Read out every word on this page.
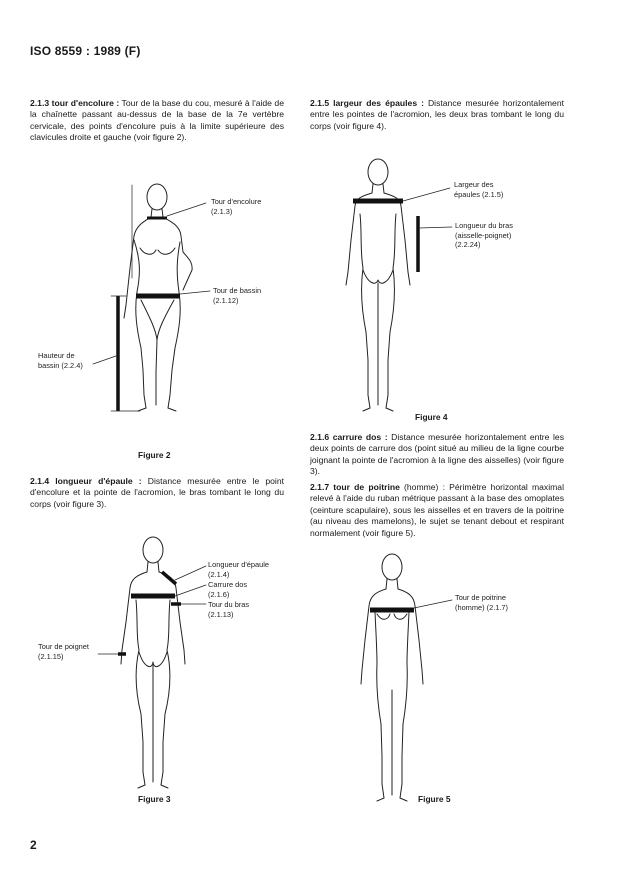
ISO 8559 : 1989 (F)
2.1.3 tour d'encolure : Tour de la base du cou, mesuré à l'aide de la chaînette passant au-dessus de la base de la 7e vertèbre cervicale, des points d'encolure puis à la limite supérieure des clavicules droite et gauche (voir figure 2).
2.1.5 largeur des épaules : Distance mesurée horizontalement entre les pointes de l'acromion, les deux bras tombant le long du corps (voir figure 4).
Tour d'encolure
(2.1.3)
Tour de bassin
(2.1.12)
Hauteur de
bassin (2.2.4)
Figure 2
Largeur des
épaules (2.1.5)
Longueur du bras
(aisselle-poignet)
(2.2.24)
Figure 4
2.1.6 carrure dos : Distance mesurée horizontalement entre les deux points de carrure dos (point situé au milieu de la ligne courbe joignant la pointe de l'acromion à la ligne des aisselles) (voir figure 3).
2.1.4 longueur d'épaule : Distance mesurée entre le point d'encolure et la pointe de l'acromion, le bras tombant le long du corps (voir figure 3).
2.1.7 tour de poitrine (homme) : Périmètre horizontal maximal relevé à l'aide du ruban métrique passant à la base des omoplates (ceinture scapulaire), sous les aisselles et en travers de la poitrine (au niveau des mamelons), le sujet se tenant debout et respirant normalement (voir figure 5).
Longueur d'épaule
(2.1.4)
Carrure dos
(2.1.6)
Tour du bras
(2.1.13)
Tour de poignet
(2.1.15)
Figure 3
Tour de poitrine
(homme) (2.1.7)
Figure 5
2
